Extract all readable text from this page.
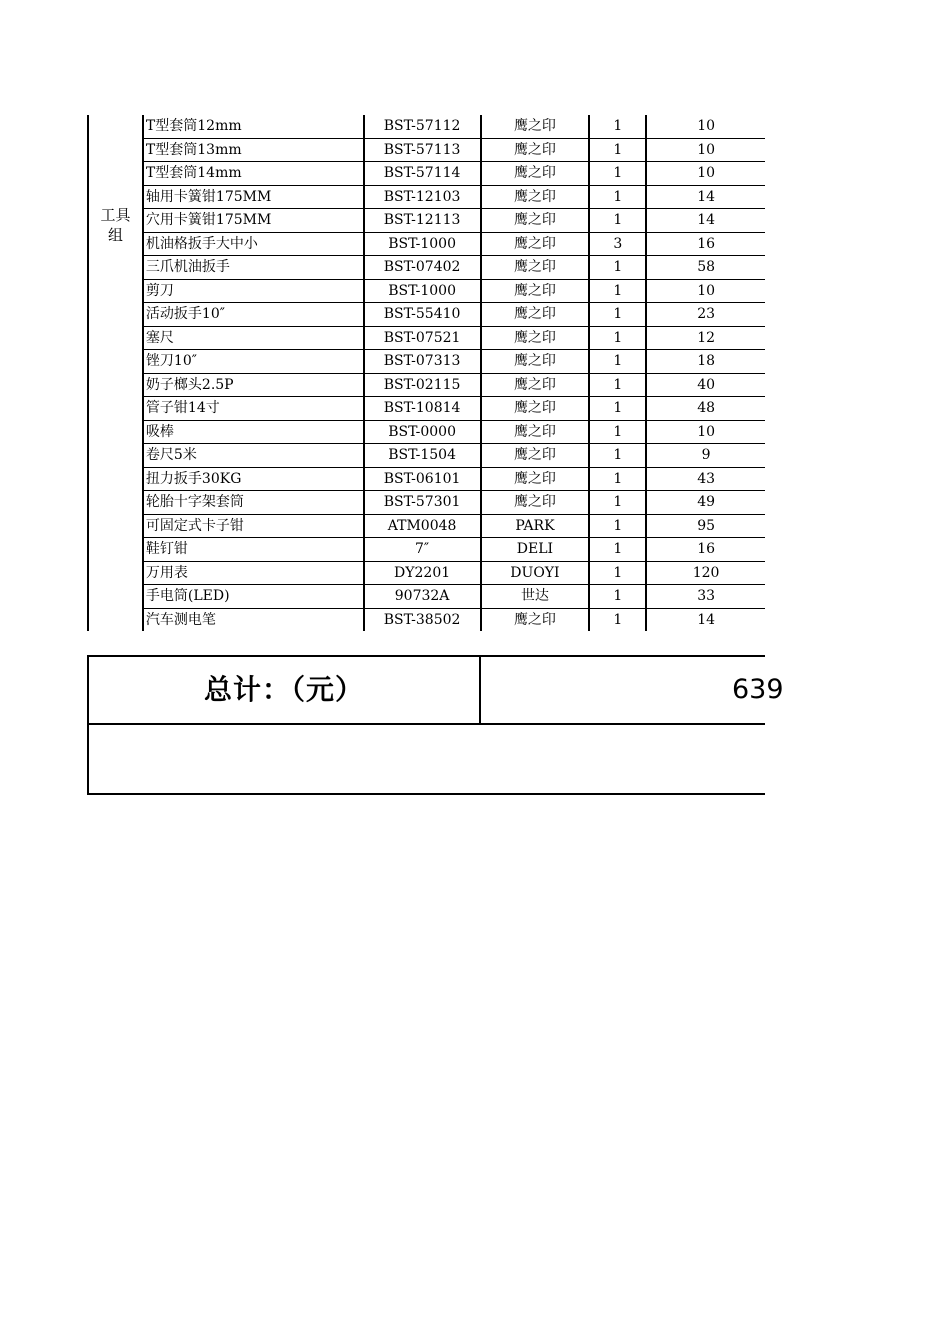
工具
组	T型套筒12mm	BST-57112	鹰之印	1	10
	T型套筒13mm	BST-57113	鹰之印	1	10
	T型套筒14mm	BST-57114	鹰之印	1	10
	轴用卡簧钳175MM	BST-12103	鹰之印	1	14
	穴用卡簧钳175MM	BST-12113	鹰之印	1	14
	机油格扳手大中小	BST-1000	鹰之印	3	16
	三爪机油扳手	BST-07402	鹰之印	1	58
	剪刀	BST-1000	鹰之印	1	10
	活动扳手10″	BST-55410	鹰之印	1	23
	塞尺	BST-07521	鹰之印	1	12
	锉刀10″	BST-07313	鹰之印	1	18
	奶子榔头2.5P	BST-02115	鹰之印	1	40
	管子钳14寸	BST-10814	鹰之印	1	48
	吸棒	BST-0000	鹰之印	1	10
	卷尺5米	BST-1504	鹰之印	1	9
	扭力扳手30KG	BST-06101	鹰之印	1	43
	轮胎十字架套筒	BST-57301	鹰之印	1	49
	可固定式卡子钳	ATM0048	PARK	1	95
	鞋钉钳	7″	DELI	1	16
	万用表	DY2201	DUOYI	1	120
	手电筒(LED)	90732A	世达	1	33
	汽车测电笔	BST-38502	鹰之印	1	14
总计：（元）	639
